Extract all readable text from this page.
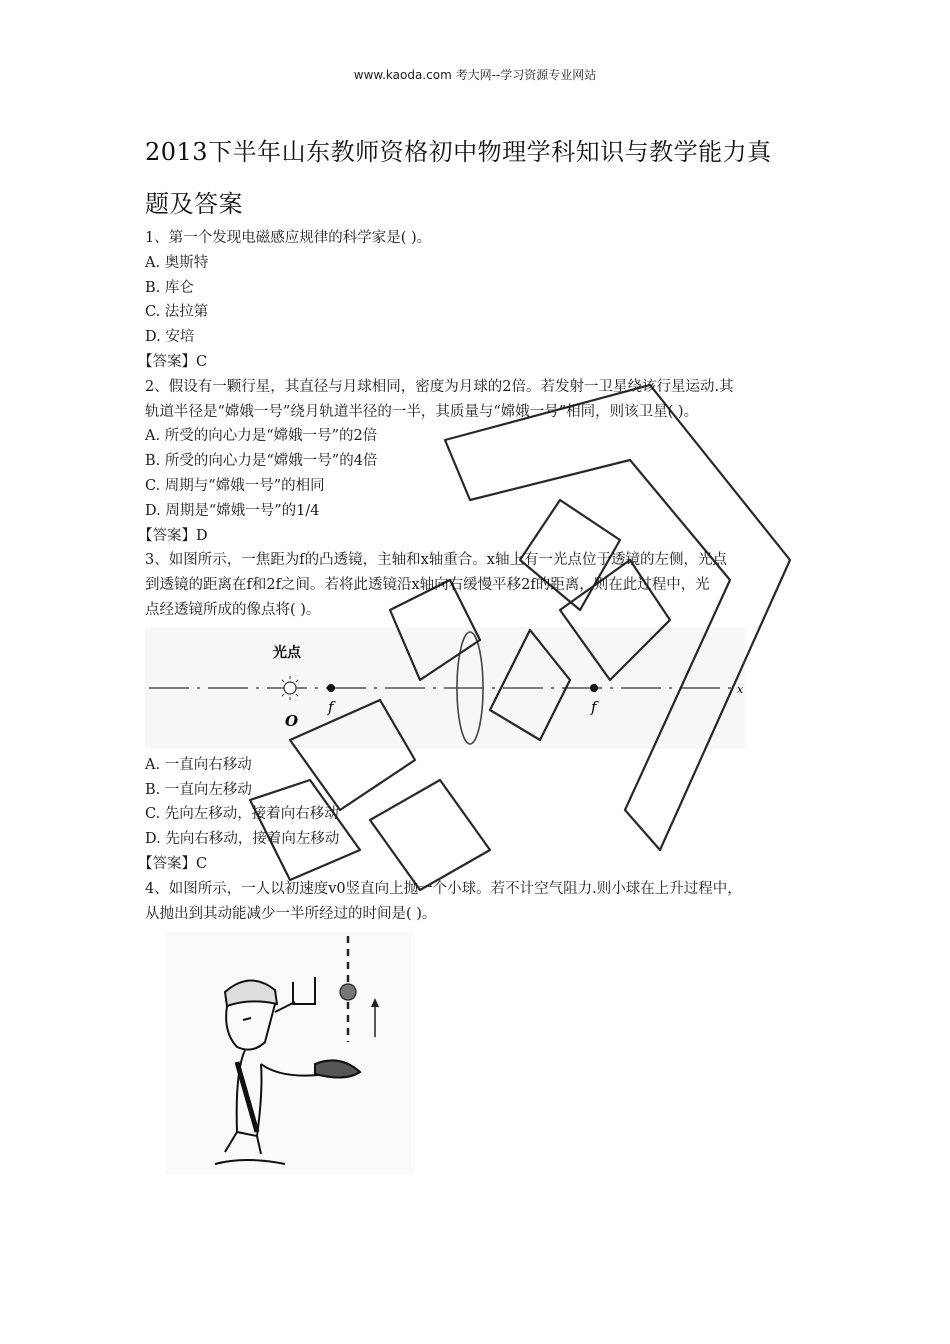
www.kaoda.com 考大网--学习资源专业网站
2013下半年山东教师资格初中物理学科知识与教学能力真
题及答案
1、第一个发现电磁感应规律的科学家是( )。
A. 奥斯特
B. 库仑
C. 法拉第
D. 安培
【答案】C
2、假设有一颗行星，其直径与月球相同，密度为月球的2倍。若发射一卫星绕该行星运动.其
轨道半径是“嫦娥一号”绕月轨道半径的一半，其质量与“嫦娥一号”相同，则该卫星( )。
A. 所受的向心力是“嫦娥一号”的2倍
B. 所受的向心力是“嫦娥一号”的4倍
C. 周期与“嫦娥一号”的相同
D. 周期是“嫦娥一号”的1/4
【答案】D
3、如图所示，一焦距为f的凸透镜，主轴和x轴重合。x轴上有一光点位于透镜的左侧，光点
到透镜的距离在f和2f之间。若将此透镜沿x轴向右缓慢平移2f的距离，则在此过程中，光
点经透镜所成的像点将( )。
光点
O
f	f
x
A. 一直向右移动
B. 一直向左移动
C. 先向左移动，接着向右移动
D. 先向右移动，接着向左移动
【答案】C
4、如图所示，一人以初速度v0竖直向上抛一个小球。若不计空气阻力.则小球在上升过程中，
从抛出到其动能减少一半所经过的时间是( )。
